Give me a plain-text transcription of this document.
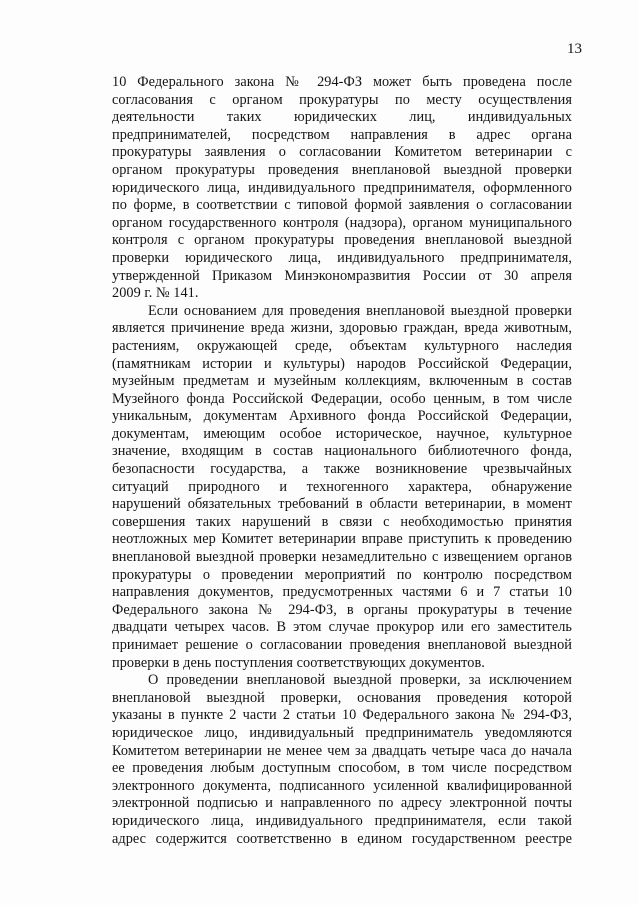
13
10 Федерального закона № 294-ФЗ может быть проведена после
согласования с органом прокуратуры по месту осуществления
деятельности таких юридических лиц, индивидуальных
предпринимателей, посредством направления в адрес органа
прокуратуры заявления о согласовании Комитетом ветеринарии с
органом прокуратуры проведения внеплановой выездной проверки
юридического лица, индивидуального предпринимателя, оформленного
по форме, в соответствии с типовой формой заявления о согласовании
органом государственного контроля (надзора), органом муниципального
контроля с органом прокуратуры проведения внеплановой выездной
проверки юридического лица, индивидуального предпринимателя,
утвержденной Приказом Минэкономразвития России от 30 апреля
2009 г. № 141.
Если основанием для проведения внеплановой выездной проверки
является причинение вреда жизни, здоровью граждан, вреда животным,
растениям, окружающей среде, объектам культурного наследия
(памятникам истории и культуры) народов Российской Федерации,
музейным предметам и музейным коллекциям, включенным в состав
Музейного фонда Российской Федерации, особо ценным, в том числе
уникальным, документам Архивного фонда Российской Федерации,
документам, имеющим особое историческое, научное, культурное
значение, входящим в состав национального библиотечного фонда,
безопасности государства, а также возникновение чрезвычайных
ситуаций природного и техногенного характера, обнаружение
нарушений обязательных требований в области ветеринарии, в момент
совершения таких нарушений в связи с необходимостью принятия
неотложных мер Комитет ветеринарии вправе приступить к проведению
внеплановой выездной проверки незамедлительно с извещением органов
прокуратуры о проведении мероприятий по контролю посредством
направления документов, предусмотренных частями 6 и 7 статьи 10
Федерального закона № 294-ФЗ, в органы прокуратуры в течение
двадцати четырех часов. В этом случае прокурор или его заместитель
принимает решение о согласовании проведения внеплановой выездной
проверки в день поступления соответствующих документов.
О проведении внеплановой выездной проверки, за исключением
внеплановой выездной проверки, основания проведения которой
указаны в пункте 2 части 2 статьи 10 Федерального закона № 294-ФЗ,
юридическое лицо, индивидуальный предприниматель уведомляются
Комитетом ветеринарии не менее чем за двадцать четыре часа до начала
ее проведения любым доступным способом, в том числе посредством
электронного документа, подписанного усиленной квалифицированной
электронной подписью и направленного по адресу электронной почты
юридического лица, индивидуального предпринимателя, если такой
адрес содержится соответственно в едином государственном реестре
